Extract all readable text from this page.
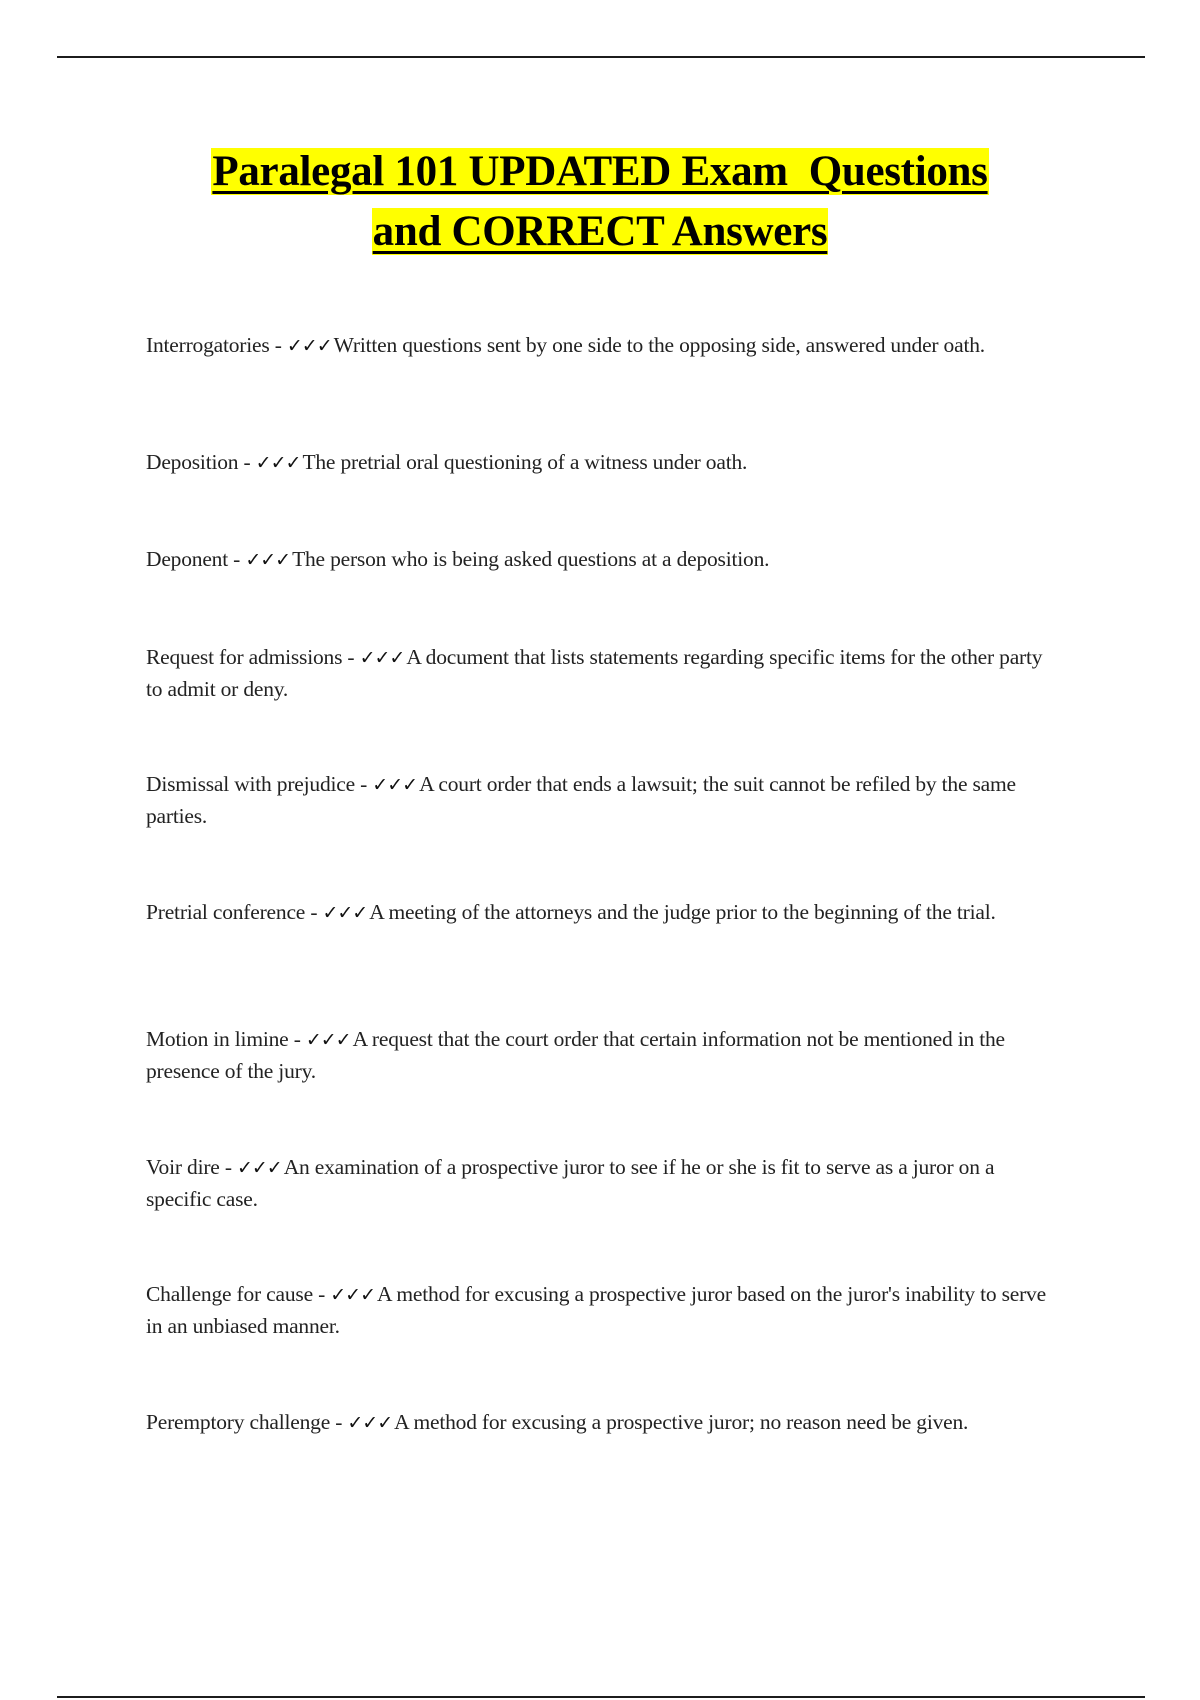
Paralegal 101 UPDATED Exam  Questions
and CORRECT Answers

Interrogatories - ✓✓✓Written questions sent by one side to the opposing side, answered under oath.

Deposition - ✓✓✓The pretrial oral questioning of a witness under oath.

Deponent - ✓✓✓The person who is being asked questions at a deposition.

Request for admissions - ✓✓✓A document that lists statements regarding specific items for the other party to admit or deny.

Dismissal with prejudice - ✓✓✓A court order that ends a lawsuit; the suit cannot be refiled by the same parties.

Pretrial conference - ✓✓✓A meeting of the attorneys and the judge prior to the beginning of the trial.

Motion in limine - ✓✓✓A request that the court order that certain information not be mentioned in the presence of the jury.

Voir dire - ✓✓✓An examination of a prospective juror to see if he or she is fit to serve as a juror on a specific case.

Challenge for cause - ✓✓✓A method for excusing a prospective juror based on the juror's inability to serve in an unbiased manner.

Peremptory challenge - ✓✓✓A method for excusing a prospective juror; no reason need be given.
